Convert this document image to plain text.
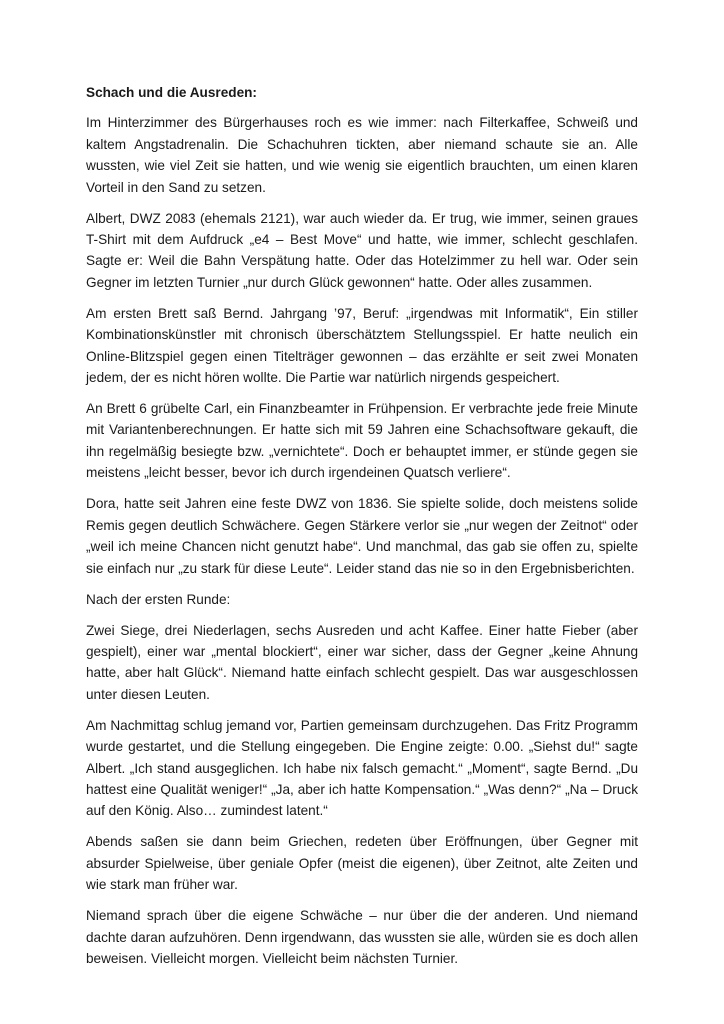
Schach und die Ausreden:

Im Hinterzimmer des Bürgerhauses roch es wie immer: nach Filterkaffee, Schweiß und kaltem Angstadrenalin. Die Schachuhren tickten, aber niemand schaute sie an. Alle wussten, wie viel Zeit sie hatten, und wie wenig sie eigentlich brauchten, um einen klaren Vorteil in den Sand zu setzen.

Albert, DWZ 2083 (ehemals 2121), war auch wieder da. Er trug, wie immer, seinen graues T-Shirt mit dem Aufdruck „e4 – Best Move“ und hatte, wie immer, schlecht geschlafen. Sagte er: Weil die Bahn Verspätung hatte. Oder das Hotelzimmer zu hell war. Oder sein Gegner im letzten Turnier „nur durch Glück gewonnen“ hatte. Oder alles zusammen.

Am ersten Brett saß Bernd. Jahrgang ’97, Beruf: „irgendwas mit Informatik“, Ein stiller Kombinationskünstler mit chronisch überschätztem Stellungsspiel. Er hatte neulich ein Online-Blitzspiel gegen einen Titelträger gewonnen – das erzählte er seit zwei Monaten jedem, der es nicht hören wollte. Die Partie war natürlich nirgends gespeichert.

An Brett 6 grübelte Carl, ein Finanzbeamter in Frühpension. Er verbrachte jede freie Minute mit Variantenberechnungen. Er hatte sich mit 59 Jahren eine Schachsoftware gekauft, die ihn regelmäßig besiegte bzw. „vernichtete“. Doch er behauptet immer, er stünde gegen sie meistens „leicht besser, bevor ich durch irgendeinen Quatsch verliere“.

Dora, hatte seit Jahren eine feste DWZ von 1836. Sie spielte solide, doch meistens solide Remis gegen deutlich Schwächere. Gegen Stärkere verlor sie „nur wegen der Zeitnot“ oder „weil ich meine Chancen nicht genutzt habe“. Und manchmal, das gab sie offen zu, spielte sie einfach nur „zu stark für diese Leute“. Leider stand das nie so in den Ergebnisberichten.

Nach der ersten Runde:

Zwei Siege, drei Niederlagen, sechs Ausreden und acht Kaffee. Einer hatte Fieber (aber gespielt), einer war „mental blockiert“, einer war sicher, dass der Gegner „keine Ahnung hatte, aber halt Glück“. Niemand hatte einfach schlecht gespielt. Das war ausgeschlossen unter diesen Leuten.

Am Nachmittag schlug jemand vor, Partien gemeinsam durchzugehen. Das Fritz Programm wurde gestartet, und die Stellung eingegeben. Die Engine zeigte: 0.00. „Siehst du!“ sagte Albert. „Ich stand ausgeglichen. Ich habe nix falsch gemacht.“ „Moment“, sagte Bernd. „Du hattest eine Qualität weniger!“ „Ja, aber ich hatte Kompensation.“ „Was denn?“ „Na – Druck auf den König. Also… zumindest latent.“

Abends saßen sie dann beim Griechen, redeten über Eröffnungen, über Gegner mit absurder Spielweise, über geniale Opfer (meist die eigenen), über Zeitnot, alte Zeiten und wie stark man früher war.

Niemand sprach über die eigene Schwäche – nur über die der anderen. Und niemand dachte daran aufzuhören. Denn irgendwann, das wussten sie alle, würden sie es doch allen beweisen. Vielleicht morgen. Vielleicht beim nächsten Turnier.
